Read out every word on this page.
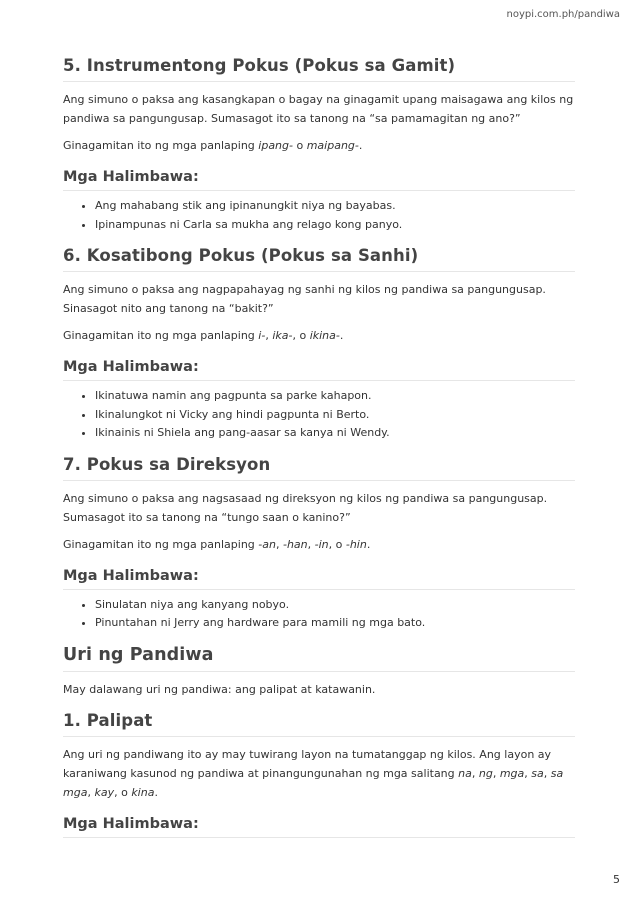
noypi.com.ph/pandiwa
5. Instrumentong Pokus (Pokus sa Gamit)

Ang simuno o paksa ang kasangkapan o bagay na ginagamit upang maisagawa ang kilos ng pandiwa sa pangungusap. Sumasagot ito sa tanong na “sa pamamagitan ng ano?”

Ginagamitan ito ng mga panlaping ipang- o maipang-.

Mga Halimbawa:
• Ang mahabang stik ang ipinanungkit niya ng bayabas.
• Ipinampunas ni Carla sa mukha ang relago kong panyo.
6. Kosatibong Pokus (Pokus sa Sanhi)

Ang simuno o paksa ang nagpapahayag ng sanhi ng kilos ng pandiwa sa pangungusap. Sinasagot nito ang tanong na “bakit?”

Ginagamitan ito ng mga panlaping i-, ika-, o ikina-.

Mga Halimbawa:
• Ikinatuwa namin ang pagpunta sa parke kahapon.
• Ikinalungkot ni Vicky ang hindi pagpunta ni Berto.
• Ikinainis ni Shiela ang pang-aasar sa kanya ni Wendy.
7. Pokus sa Direksyon

Ang simuno o paksa ang nagsasaad ng direksyon ng kilos ng pandiwa sa pangungusap. Sumasagot ito sa tanong na “tungo saan o kanino?”

Ginagamitan ito ng mga panlaping -an, -han, -in, o -hin.

Mga Halimbawa:
• Sinulatan niya ang kanyang nobyo.
• Pinuntahan ni Jerry ang hardware para mamili ng mga bato.
Uri ng Pandiwa

May dalawang uri ng pandiwa: ang palipat at katawanin.

1. Palipat

Ang uri ng pandiwang ito ay may tuwirang layon na tumatanggap ng kilos. Ang layon ay karaniwang kasunod ng pandiwa at pinangungunahan ng mga salitang na, ng, mga, sa, sa mga, kay, o kina.

Mga Halimbawa:
5
